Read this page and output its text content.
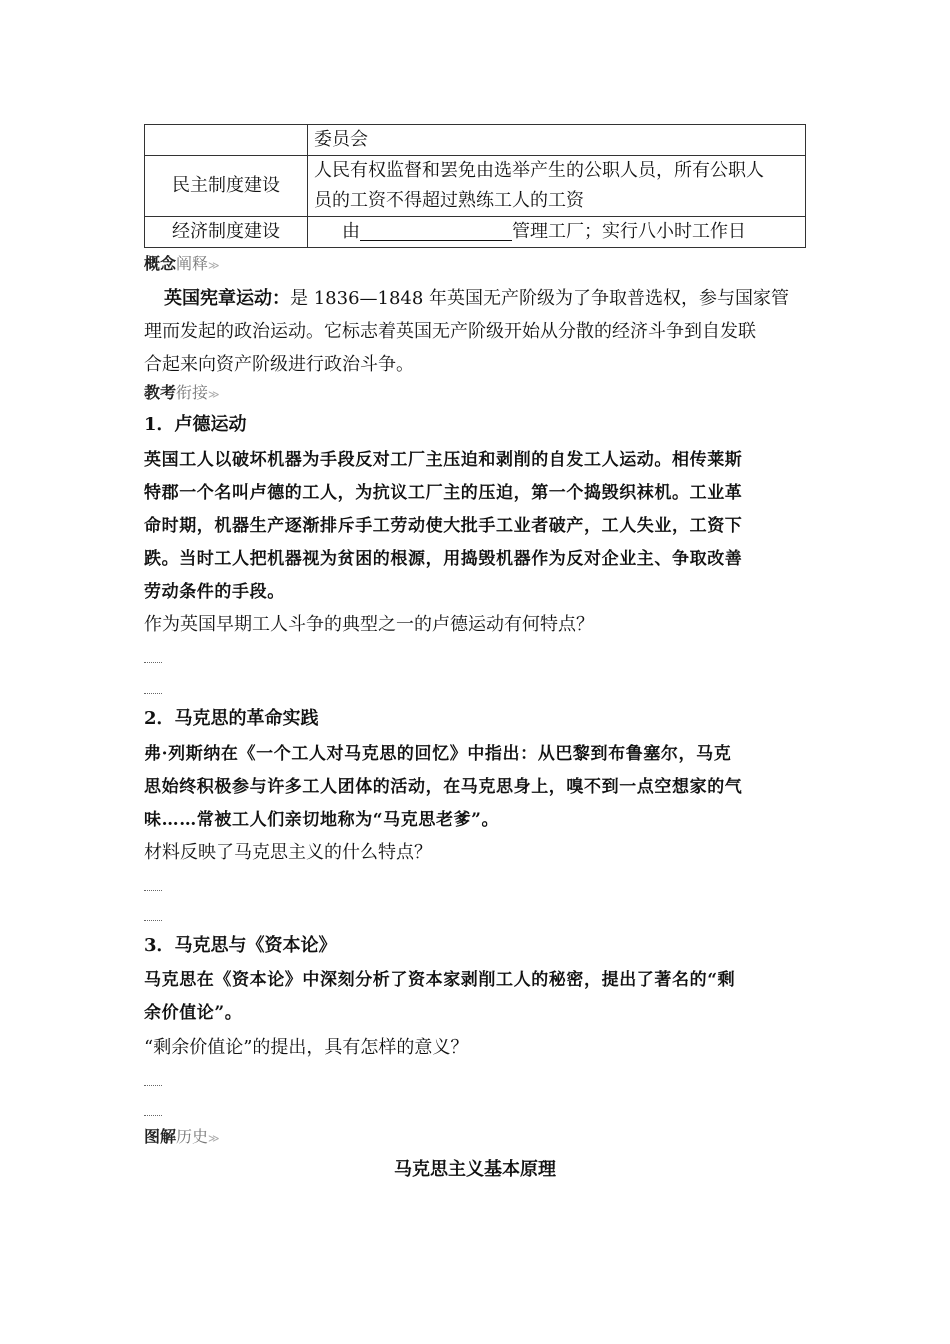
	委员会
民主制度建设	人民有权监督和罢免由选举产生的公职人员，所有公职人
员的工资不得超过熟练工人的工资

经济制度建设	由 管理工厂；实行八小时工作日
概念阐释≫
英国宪章运动：是 1836—1848 年英国无产阶级为了争取普选权，参与国家管
理而发起的政治运动。它标志着英国无产阶级开始从分散的经济斗争到自发联
合起来向资产阶级进行政治斗争。
教考衔接≫
1．卢德运动
英国工人以破坏机器为手段反对工厂主压迫和剥削的自发工人运动。相传莱斯
特郡一个名叫卢德的工人，为抗议工厂主的压迫，第一个捣毁织袜机。工业革
命时期，机器生产逐渐排斥手工劳动使大批手工业者破产，工人失业，工资下
跌。当时工人把机器视为贫困的根源，用捣毁机器作为反对企业主、争取改善
劳动条件的手段。
作为英国早期工人斗争的典型之一的卢德运动有何特点？
2．马克思的革命实践
弗·列斯纳在《一个工人对马克思的回忆》中指出：从巴黎到布鲁塞尔，马克
思始终积极参与许多工人团体的活动，在马克思身上，嗅不到一点空想家的气
味……常被工人们亲切地称为“马克思老爹”。
材料反映了马克思主义的什么特点？
3．马克思与《资本论》
马克思在《资本论》中深刻分析了资本家剥削工人的秘密，提出了著名的“剩
余价值论”。
“剩余价值论”的提出，具有怎样的意义？
图解历史≫
马克思主义基本原理
